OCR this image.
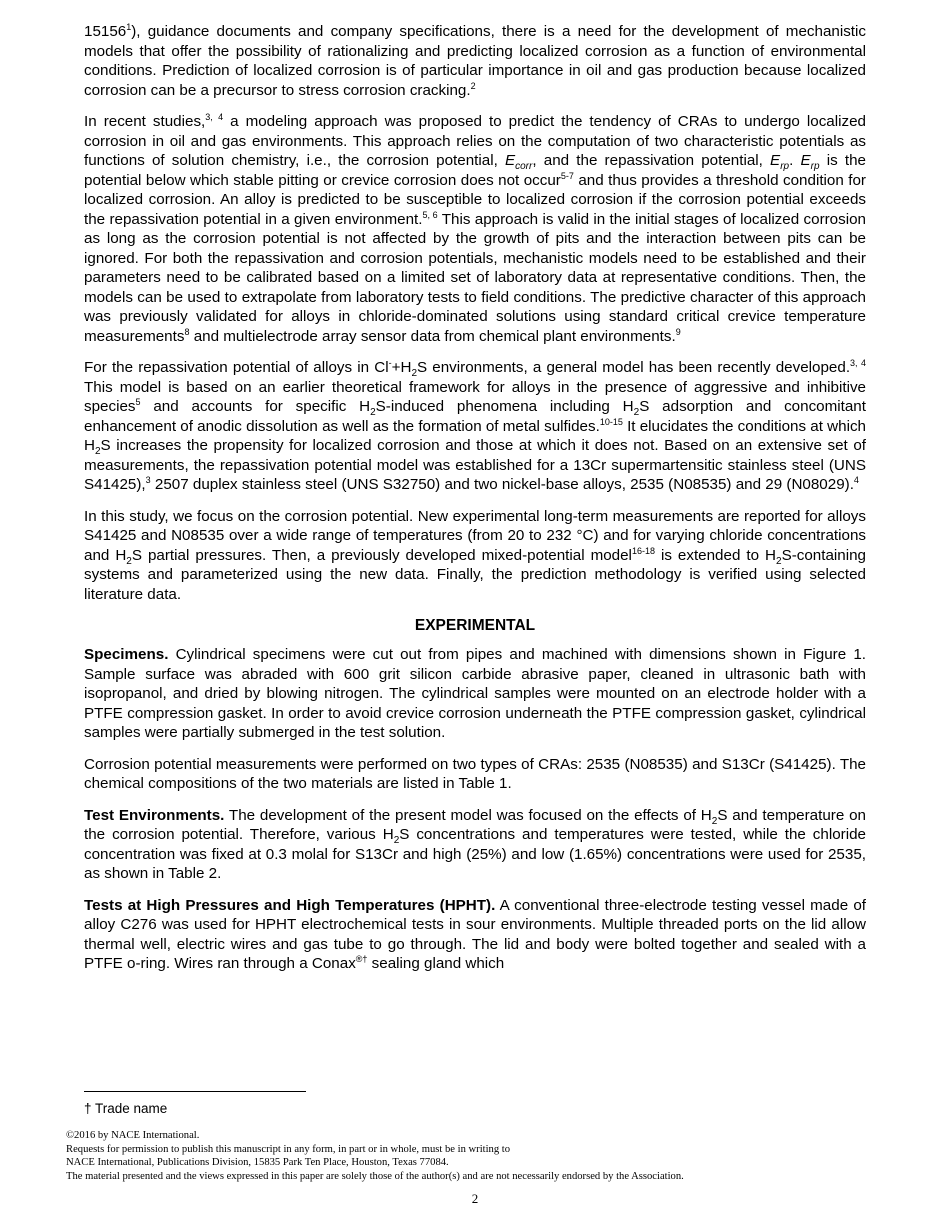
15156$^1$), guidance documents and company specifications, there is a need for the development of mechanistic models that offer the possibility of rationalizing and predicting localized corrosion as a function of environmental conditions. Prediction of localized corrosion is of particular importance in oil and gas production because localized corrosion can be a precursor to stress corrosion cracking.$^2$

In recent studies,$^{3, 4}$ a modeling approach was proposed to predict the tendency of CRAs to undergo localized corrosion in oil and gas environments. This approach relies on the computation of two characteristic potentials as functions of solution chemistry, i.e., the corrosion potential, $E_{corr}$, and the repassivation potential, $E_{rp}$. $E_{rp}$ is the potential below which stable pitting or crevice corrosion does not occur$^{5-7}$ and thus provides a threshold condition for localized corrosion. An alloy is predicted to be susceptible to localized corrosion if the corrosion potential exceeds the repassivation potential in a given environment.$^{5, 6}$ This approach is valid in the initial stages of localized corrosion as long as the corrosion potential is not affected by the growth of pits and the interaction between pits can be ignored. For both the repassivation and corrosion potentials, mechanistic models need to be established and their parameters need to be calibrated based on a limited set of laboratory data at representative conditions. Then, the models can be used to extrapolate from laboratory tests to field conditions. The predictive character of this approach was previously validated for alloys in chloride-dominated solutions using standard critical crevice temperature measurements$^8$ and multielectrode array sensor data from chemical plant environments.$^9$

For the repassivation potential of alloys in $Cl^-+H_2S$ environments, a general model has been recently developed.$^{3, 4}$ This model is based on an earlier theoretical framework for alloys in the presence of aggressive and inhibitive species$^5$ and accounts for specific $H_2S$-induced phenomena including $H_2S$ adsorption and concomitant enhancement of anodic dissolution as well as the formation of metal sulfides.$^{10-15}$ It elucidates the conditions at which $H_2S$ increases the propensity for localized corrosion and those at which it does not. Based on an extensive set of measurements, the repassivation potential model was established for a 13Cr supermartensitic stainless steel (UNS S41425),$^3$ 2507 duplex stainless steel (UNS S32750) and two nickel-base alloys, 2535 (N08535) and 29 (N08029).$^4$

In this study, we focus on the corrosion potential. New experimental long-term measurements are reported for alloys S41425 and N08535 over a wide range of temperatures (from 20 to 232 °C) and for varying chloride concentrations and $H_2S$ partial pressures. Then, a previously developed mixed-potential model$^{16-18}$ is extended to $H_2S$-containing systems and parameterized using the new data. Finally, the prediction methodology is verified using selected literature data.

EXPERIMENTAL

Specimens. Cylindrical specimens were cut out from pipes and machined with dimensions shown in Figure 1. Sample surface was abraded with 600 grit silicon carbide abrasive paper, cleaned in ultrasonic bath with isopropanol, and dried by blowing nitrogen. The cylindrical samples were mounted on an electrode holder with a PTFE compression gasket. In order to avoid crevice corrosion underneath the PTFE compression gasket, cylindrical samples were partially submerged in the test solution.

Corrosion potential measurements were performed on two types of CRAs: 2535 (N08535) and S13Cr (S41425). The chemical compositions of the two materials are listed in Table 1.

Test Environments. The development of the present model was focused on the effects of $H_2S$ and temperature on the corrosion potential. Therefore, various $H_2S$ concentrations and temperatures were tested, while the chloride concentration was fixed at 0.3 molal for S13Cr and high (25%) and low (1.65%) concentrations were used for 2535, as shown in Table 2.

Tests at High Pressures and High Temperatures (HPHT). A conventional three-electrode testing vessel made of alloy C276 was used for HPHT electrochemical tests in sour environments. Multiple threaded ports on the lid allow thermal well, electric wires and gas tube to go through. The lid and body were bolted together and sealed with a PTFE o-ring. Wires ran through a Conax®† sealing gland which

† Trade name
©2016 by NACE International.
Requests for permission to publish this manuscript in any form, in part or in whole, must be in writing to
NACE International, Publications Division, 15835 Park Ten Place, Houston, Texas 77084.
The material presented and the views expressed in this paper are solely those of the author(s) and are not necessarily endorsed by the Association.
2
